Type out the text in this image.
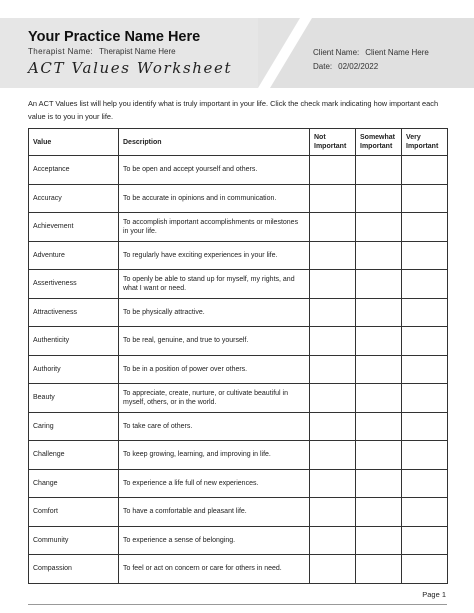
Your Practice Name Here
Therapist Name: Therapist Name Here
ACT Values Worksheet
Client Name: Client Name Here
Date: 02/02/2022
An ACT Values list will help you identify what is truly important in your life. Click the check mark indicating how important each value is to you in your life.
Value	Description	Not Important	Somewhat Important	Very Important
Acceptance	To be open and accept yourself and others.			
Accuracy	To be accurate in opinions and in communication.			
Achievement	To accomplish important accomplishments or milestones in your life.			
Adventure	To regularly have exciting experiences in your life.			
Assertiveness	To openly be able to stand up for myself, my rights, and what I want or need.			
Attractiveness	To be physically attractive.			
Authenticity	To be real, genuine, and true to yourself.			
Authority	To be in a position of power over others.			
Beauty	To appreciate, create, nurture, or cultivate beautiful in myself, others, or in the world.			
Caring	To take care of others.			
Challenge	To keep growing, learning, and improving in life.			
Change	To experience a life full of new experiences.			
Comfort	To have a comfortable and pleasant life.			
Community	To experience a sense of belonging.			
Compassion	To feel or act on concern or care for others in need.			
Page 1
